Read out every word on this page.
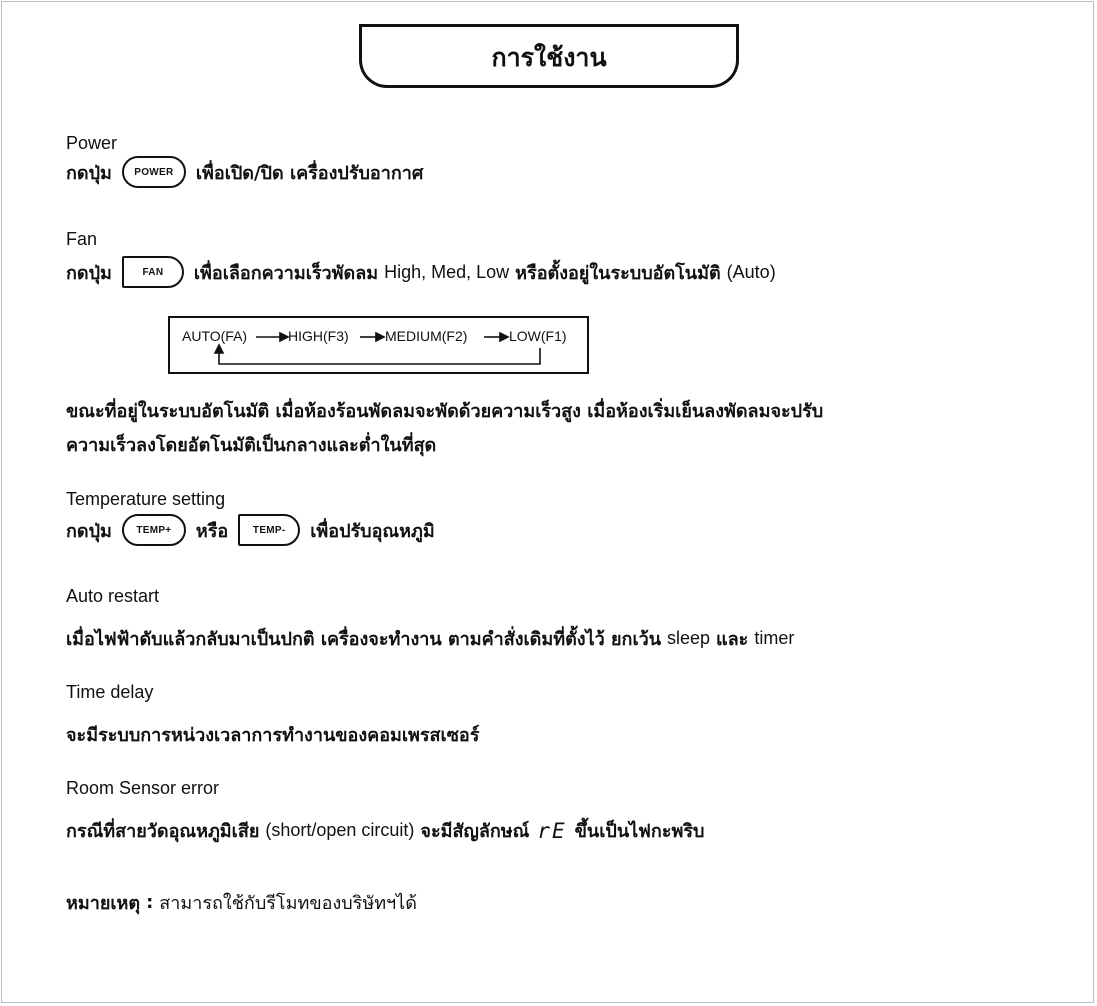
การใช้งาน
Power
กดปุ่ม	POWER	เพื่อเปิด/ปิด เครื่องปรับอากาศ
Fan
กดปุ่ม	FAN	เพื่อเลือกความเร็วพัดลม High, Med, Low หรือตั้งอยู่ในระบบอัตโนมัติ (Auto)
AUTO(FA)	HIGH(F3)	MEDIUM(F2)	LOW(F1)
ขณะที่อยู่ในระบบอัตโนมัติ เมื่อห้องร้อนพัดลมจะพัดด้วยความเร็วสูง เมื่อห้องเริ่มเย็นลงพัดลมจะปรับ
ความเร็วลงโดยอัตโนมัติเป็นกลางและต่ำในที่สุด
Temperature setting
กดปุ่ม	TEMP+	หรือ	TEMP-	เพื่อปรับอุณหภูมิ
Auto restart
เมื่อไฟฟ้าดับแล้วกลับมาเป็นปกติ เครื่องจะทำงาน ตามคำสั่งเดิมที่ตั้งไว้ ยกเว้น sleep และ timer
Time delay
จะมีระบบการหน่วงเวลาการทำงานของคอมเพรสเซอร์
Room Sensor error
กรณีที่สายวัดอุณหภูมิเสีย (short/open circuit) จะมีสัญลักษณ์ rE ขึ้นเป็นไฟกะพริบ
หมายเหตุ : สามารถใช้กับรีโมทของบริษัทฯได้
